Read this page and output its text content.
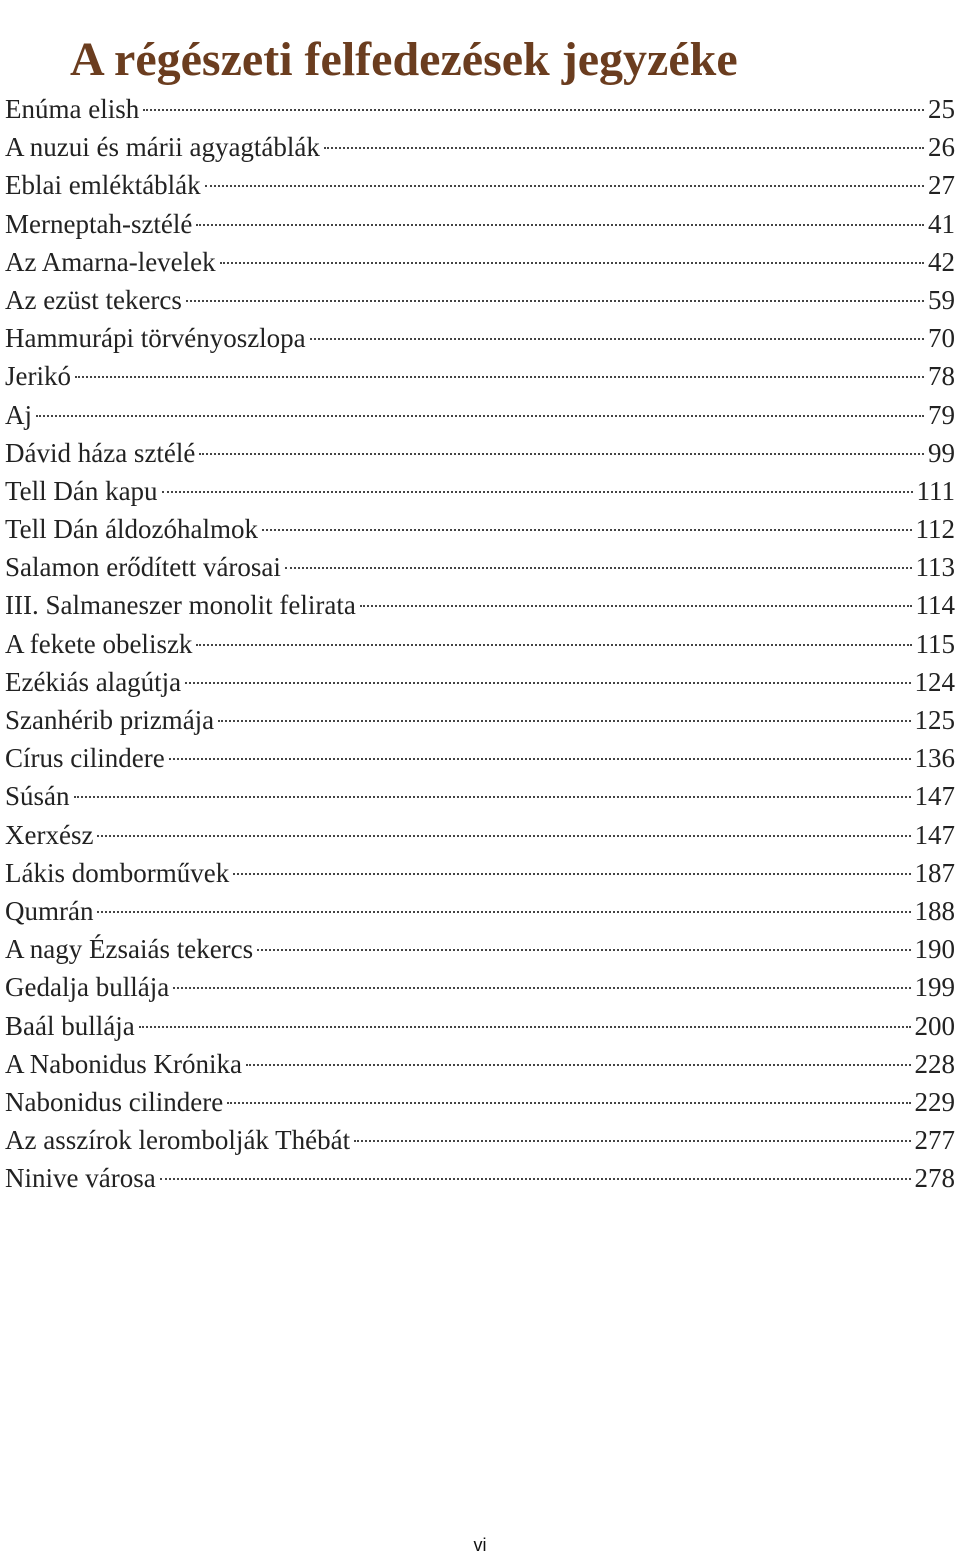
A régészeti felfedezések jegyzéke
Enúma elish	25
A nuzui és márii agyagtáblák	26
Eblai emléktáblák	27
Merneptah-sztélé	41
Az Amarna-levelek	42
Az ezüst tekercs	59
Hammurápi törvényoszlopa	70
Jerikó	78
Aj	79
Dávid háza sztélé	99
Tell Dán kapu	111
Tell Dán áldozóhalmok	112
Salamon erődített városai	113
III. Salmaneszer monolit felirata	114
A fekete obeliszk	115
Ezékiás alagútja	124
Szanhérib prizmája	125
Círus cilindere	136
Súsán	147
Xerxész	147
Lákis domborművek	187
Qumrán	188
A nagy Ézsaiás tekercs	190
Gedalja bullája	199
Baál bullája	200
A Nabonidus Krónika	228
Nabonidus cilindere	229
Az asszírok lerombolják Thébát	277
Ninive városa	278
vi
